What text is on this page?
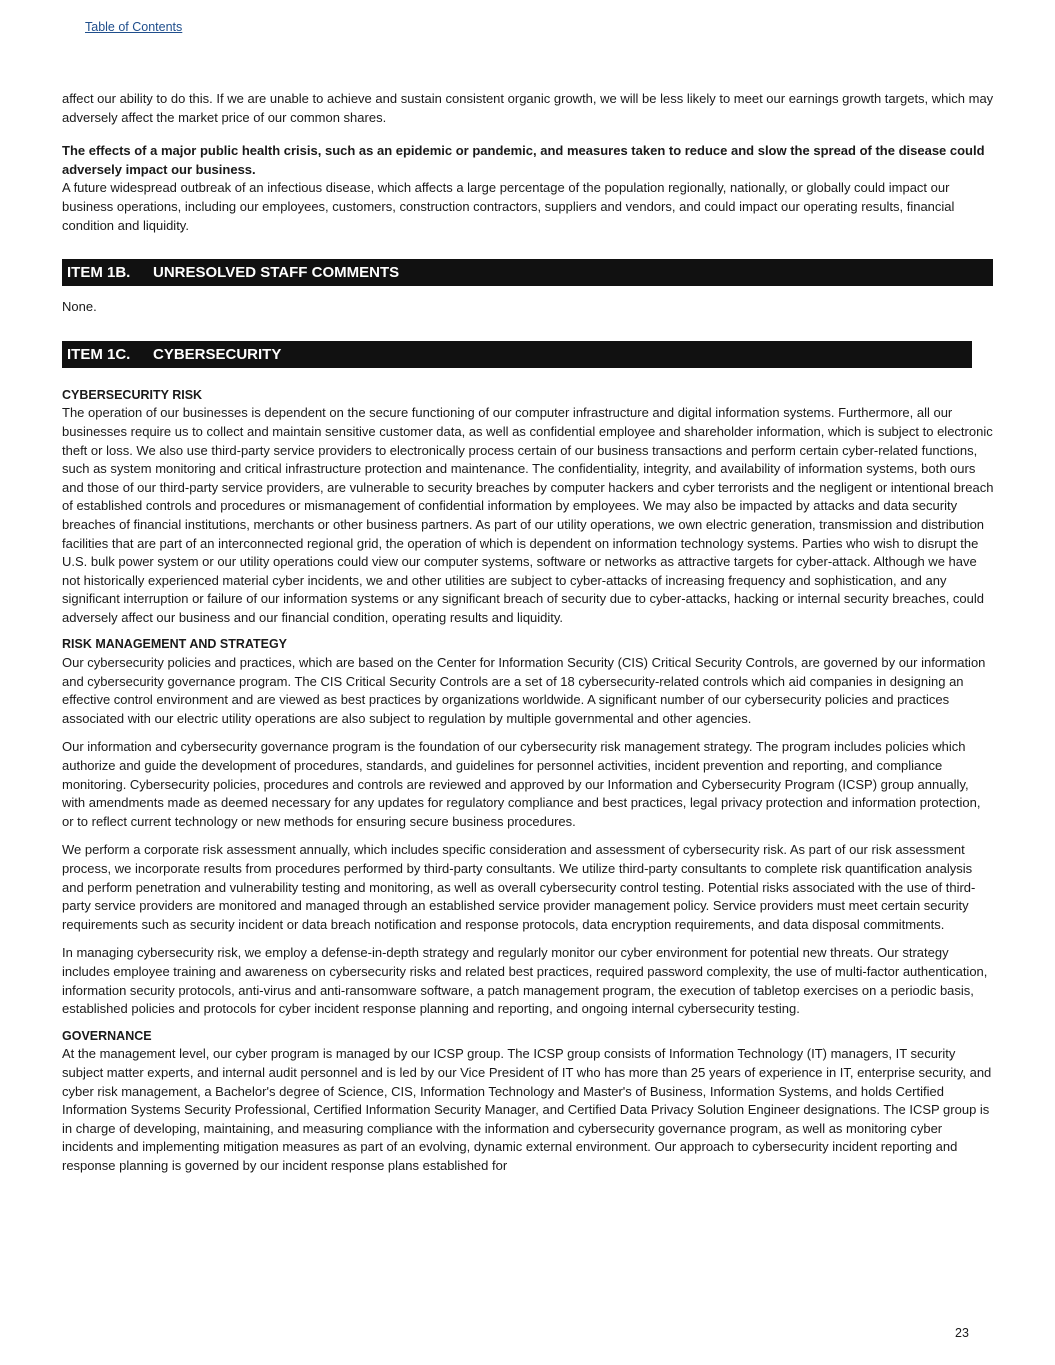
Table of Contents

affect our ability to do this. If we are unable to achieve and sustain consistent organic growth, we will be less likely to meet our earnings growth targets, which may adversely affect the market price of our common shares.

The effects of a major public health crisis, such as an epidemic or pandemic, and measures taken to reduce and slow the spread of the disease could adversely impact our business.

A future widespread outbreak of an infectious disease, which affects a large percentage of the population regionally, nationally, or globally could impact our business operations, including our employees, customers, construction contractors, suppliers and vendors, and could impact our operating results, financial condition and liquidity.

ITEM 1B. UNRESOLVED STAFF COMMENTS

None.

ITEM 1C. CYBERSECURITY

CYBERSECURITY RISK

The operation of our businesses is dependent on the secure functioning of our computer infrastructure and digital information systems. Furthermore, all our businesses require us to collect and maintain sensitive customer data, as well as confidential employee and shareholder information, which is subject to electronic theft or loss. We also use third-party service providers to electronically process certain of our business transactions and perform certain cyber-related functions, such as system monitoring and critical infrastructure protection and maintenance. The confidentiality, integrity, and availability of information systems, both ours and those of our third-party service providers, are vulnerable to security breaches by computer hackers and cyber terrorists and the negligent or intentional breach of established controls and procedures or mismanagement of confidential information by employees. We may also be impacted by attacks and data security breaches of financial institutions, merchants or other business partners. As part of our utility operations, we own electric generation, transmission and distribution facilities that are part of an interconnected regional grid, the operation of which is dependent on information technology systems. Parties who wish to disrupt the U.S. bulk power system or our utility operations could view our computer systems, software or networks as attractive targets for cyber-attack. Although we have not historically experienced material cyber incidents, we and other utilities are subject to cyber-attacks of increasing frequency and sophistication, and any significant interruption or failure of our information systems or any significant breach of security due to cyber-attacks, hacking or internal security breaches, could adversely affect our business and our financial condition, operating results and liquidity.

RISK MANAGEMENT AND STRATEGY

Our cybersecurity policies and practices, which are based on the Center for Information Security (CIS) Critical Security Controls, are governed by our information and cybersecurity governance program. The CIS Critical Security Controls are a set of 18 cybersecurity-related controls which aid companies in designing an effective control environment and are viewed as best practices by organizations worldwide. A significant number of our cybersecurity policies and practices associated with our electric utility operations are also subject to regulation by multiple governmental and other agencies.

Our information and cybersecurity governance program is the foundation of our cybersecurity risk management strategy. The program includes policies which authorize and guide the development of procedures, standards, and guidelines for personnel activities, incident prevention and reporting, and compliance monitoring. Cybersecurity policies, procedures and controls are reviewed and approved by our Information and Cybersecurity Program (ICSP) group annually, with amendments made as deemed necessary for any updates for regulatory compliance and best practices, legal privacy protection and information protection, or to reflect current technology or new methods for ensuring secure business procedures.

We perform a corporate risk assessment annually, which includes specific consideration and assessment of cybersecurity risk. As part of our risk assessment process, we incorporate results from procedures performed by third-party consultants. We utilize third-party consultants to complete risk quantification analysis and perform penetration and vulnerability testing and monitoring, as well as overall cybersecurity control testing. Potential risks associated with the use of third-party service providers are monitored and managed through an established service provider management policy. Service providers must meet certain security requirements such as security incident or data breach notification and response protocols, data encryption requirements, and data disposal commitments.

In managing cybersecurity risk, we employ a defense-in-depth strategy and regularly monitor our cyber environment for potential new threats. Our strategy includes employee training and awareness on cybersecurity risks and related best practices, required password complexity, the use of multi-factor authentication, information security protocols, anti-virus and anti-ransomware software, a patch management program, the execution of tabletop exercises on a periodic basis, established policies and protocols for cyber incident response planning and reporting, and ongoing internal cybersecurity testing.

GOVERNANCE

At the management level, our cyber program is managed by our ICSP group. The ICSP group consists of Information Technology (IT) managers, IT security subject matter experts, and internal audit personnel and is led by our Vice President of IT who has more than 25 years of experience in IT, enterprise security, and cyber risk management, a Bachelor's degree of Science, CIS, Information Technology and Master's of Business, Information Systems, and holds Certified Information Systems Security Professional, Certified Information Security Manager, and Certified Data Privacy Solution Engineer designations. The ICSP group is in charge of developing, maintaining, and measuring compliance with the information and cybersecurity governance program, as well as monitoring cyber incidents and implementing mitigation measures as part of an evolving, dynamic external environment. Our approach to cybersecurity incident reporting and response planning is governed by our incident response plans established for

23
